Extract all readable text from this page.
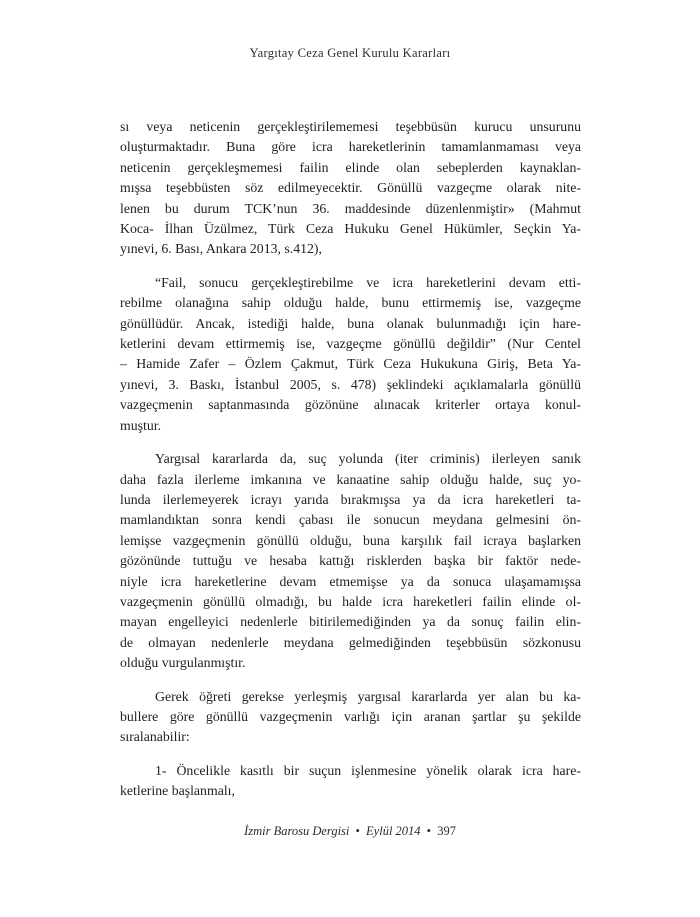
Yargıtay Ceza Genel Kurulu Kararları

sı veya neticenin gerçekleştirilememesi teşebbüsün kurucu unsurunu
oluşturmaktadır. Buna göre icra hareketlerinin tamamlanmaması veya
neticenin gerçekleşmemesi failin elinde olan sebeplerden kaynaklan-
mışsa teşebbüsten söz edilmeyecektir. Gönüllü vazgeçme olarak nite-
lenen bu durum TCK’nun 36. maddesinde düzenlenmiştir» (Mahmut
Koca- İlhan Üzülmez, Türk Ceza Hukuku Genel Hükümler, Seçkin Ya-
yınevi, 6. Bası, Ankara 2013, s.412),

“Fail, sonucu gerçekleştirebilme ve icra hareketlerini devam etti-
rebilme olanağına sahip olduğu halde, bunu ettirmemiş ise, vazgeçme
gönüllüdür. Ancak, istediği halde, buna olanak bulunmadığı için hare-
ketlerini devam ettirmemiş ise, vazgeçme gönüllü değildir” (Nur Centel
– Hamide Zafer – Özlem Çakmut, Türk Ceza Hukukuna Giriş, Beta Ya-
yınevi, 3. Baskı, İstanbul 2005, s. 478) şeklindeki açıklamalarla gönüllü
vazgeçmenin saptanmasında gözönüne alınacak kriterler ortaya konul-
muştur.

Yargısal kararlarda da, suç yolunda (iter criminis) ilerleyen sanık
daha fazla ilerleme imkanına ve kanaatine sahip olduğu halde, suç yo-
lunda ilerlemeyerek icrayı yarıda bırakmışsa ya da icra hareketleri ta-
mamlandıktan sonra kendi çabası ile sonucun meydana gelmesini ön-
lemişse vazgeçmenin gönüllü olduğu, buna karşılık fail icraya başlarken
gözönünde tuttuğu ve hesaba kattığı risklerden başka bir faktör nede-
niyle icra hareketlerine devam etmemişse ya da sonuca ulaşamamışsa
vazgeçmenin gönüllü olmadığı, bu halde icra hareketleri failin elinde ol-
mayan engelleyici nedenlerle bitirilemediğinden ya da sonuç failin elin-
de olmayan nedenlerle meydana gelmediğinden teşebbüsün sözkonusu
olduğu vurgulanmıştır.

Gerek öğreti gerekse yerleşmiş yargısal kararlarda yer alan bu ka-
bullere göre gönüllü vazgeçmenin varlığı için aranan şartlar şu şekilde
sıralanabilir:

1- Öncelikle kasıtlı bir suçun işlenmesine yönelik olarak icra hare-
ketlerine başlanmalı,

İzmir Barosu Dergisi • Eylül 2014 • 397
